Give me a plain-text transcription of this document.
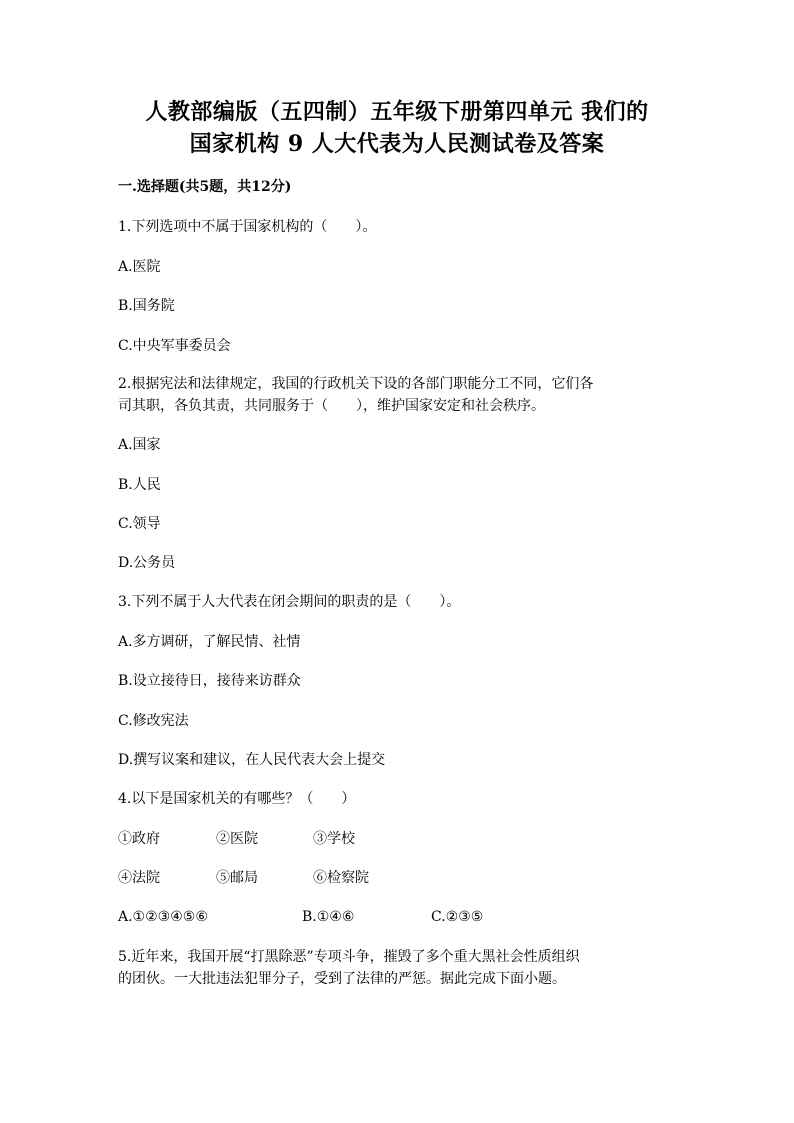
人教部编版（五四制）五年级下册第四单元 我们的
国家机构 9 人大代表为人民测试卷及答案
一.选择题(共5题，共12分)
1.下列选项中不属于国家机构的（　　）。
A.医院
B.国务院
C.中央军事委员会
2.根据宪法和法律规定，我国的行政机关下设的各部门职能分工不同，它们各
司其职，各负其责，共同服务于（　　），维护国家安定和社会秩序。
A.国家
B.人民
C.领导
D.公务员
3.下列不属于人大代表在闭会期间的职责的是（　　）。
A.多方调研，了解民情、社情
B.设立接待日，接待来访群众
C.修改宪法
D.撰写议案和建议，在人民代表大会上提交
4.以下是国家机关的有哪些？（　　）
①政府	②医院	③学校
④法院	⑤邮局	⑥检察院
A.①②③④⑤⑥	B.①④⑥	C.②③⑤
5.近年来，我国开展“打黑除恶”专项斗争，摧毁了多个重大黑社会性质组织
的团伙。一大批违法犯罪分子，受到了法律的严惩。据此完成下面小题。
